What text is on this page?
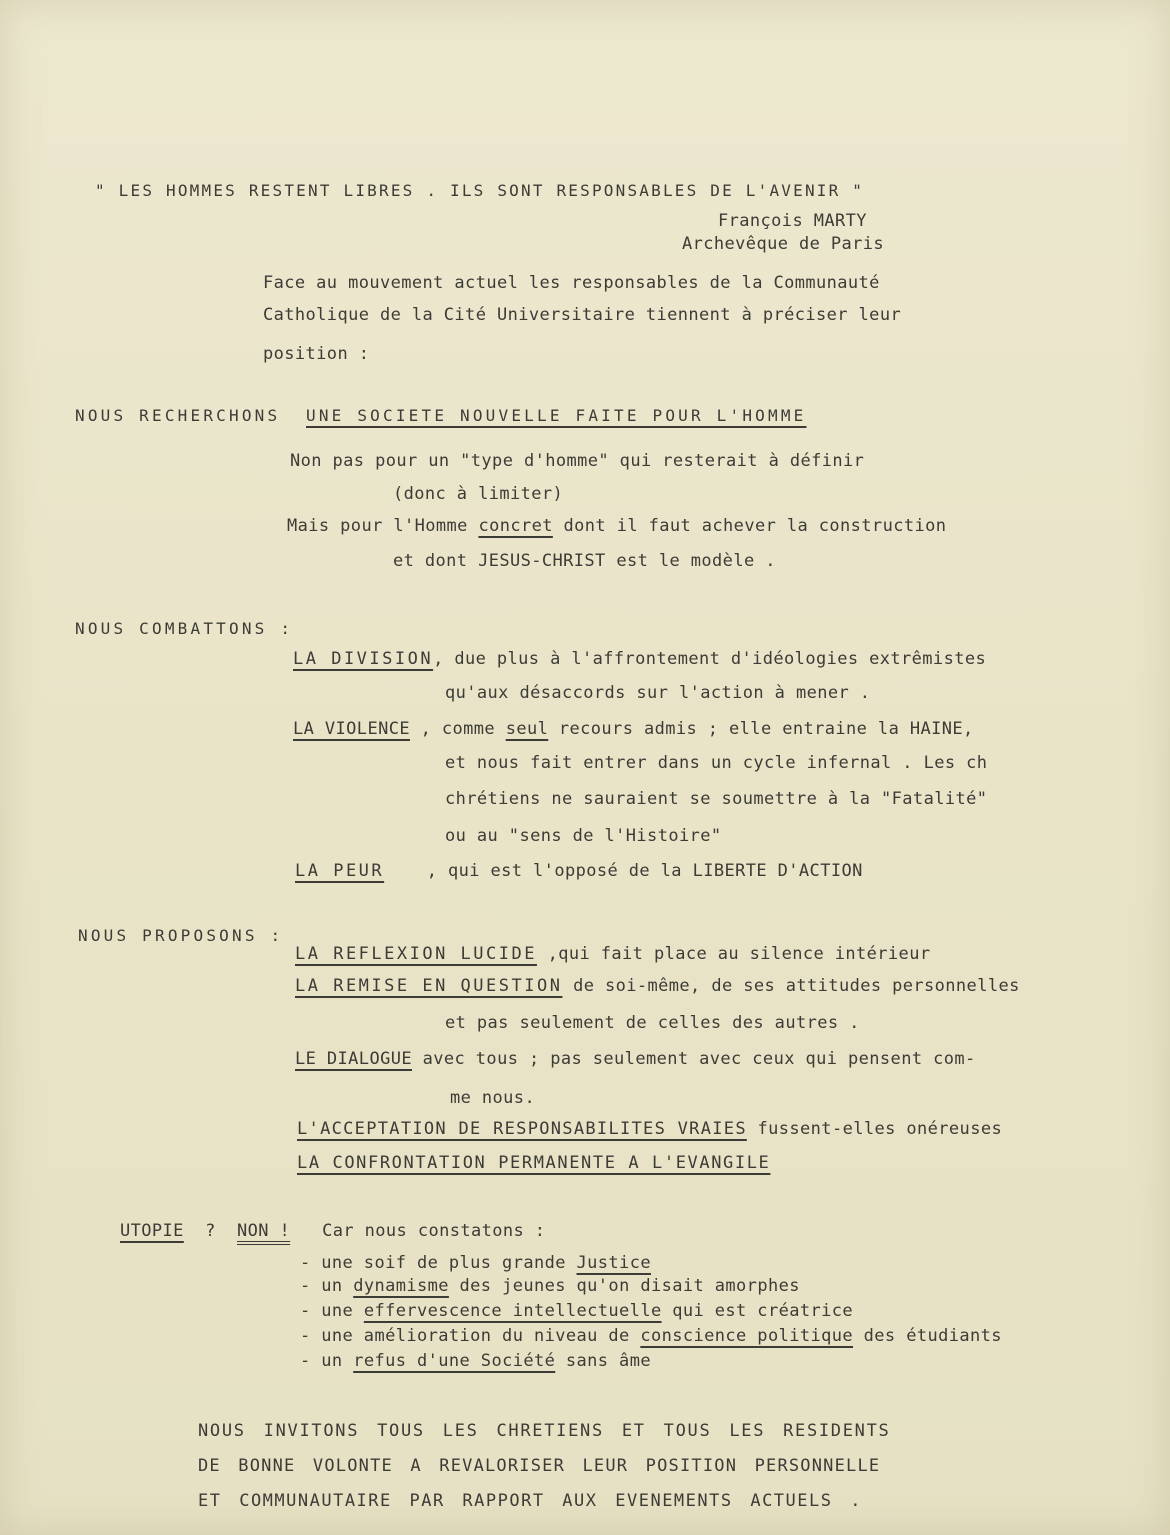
" LES HOMMES RESTENT LIBRES . ILS SONT RESPONSABLES DE L'AVENIR "
François MARTY
Archevêque de Paris
Face au mouvement actuel les responsables de la Communauté
Catholique de la Cité Universitaire tiennent à préciser leur
position :
NOUS RECHERCHONS UNE SOCIETE NOUVELLE FAITE POUR L'HOMME
Non pas pour un "type d'homme" qui resterait à définir
(donc à limiter)
Mais pour l'Homme concret dont il faut achever la construction
et dont JESUS-CHRIST est le modèle .
NOUS COMBATTONS :
LA DIVISION, due plus à l'affrontement d'idéologies extrêmistes
qu'aux désaccords sur l'action à mener .
LA VIOLENCE , comme seul recours admis ; elle entraine la HAINE,
et nous fait entrer dans un cycle infernal . Les ch
chrétiens ne sauraient se soumettre à la "Fatalité"
ou au "sens de l'Histoire"
LA PEUR	, qui est l'opposé de la LIBERTE D'ACTION
NOUS PROPOSONS :
LA REFLEXION LUCIDE ,qui fait place au silence intérieur
LA REMISE EN QUESTION de soi-même, de ses attitudes personnelles
et pas seulement de celles des autres .
LE DIALOGUE avec tous ; pas seulement avec ceux qui pensent com-
me nous.
L'ACCEPTATION DE RESPONSABILITES VRAIES fussent-elles onéreuses
LA CONFRONTATION PERMANENTE A L'EVANGILE
UTOPIE ? NON ! Car nous constatons :
- une soif de plus grande Justice
- un dynamisme des jeunes qu'on disait amorphes
- une effervescence intellectuelle qui est créatrice
- une amélioration du niveau de conscience politique des étudiants
- un refus d'une Société sans âme
NOUS INVITONS TOUS LES CHRETIENS ET TOUS LES RESIDENTS
DE BONNE VOLONTE A REVALORISER LEUR POSITION PERSONNELLE
ET COMMUNAUTAIRE PAR RAPPORT AUX EVENEMENTS ACTUELS .
